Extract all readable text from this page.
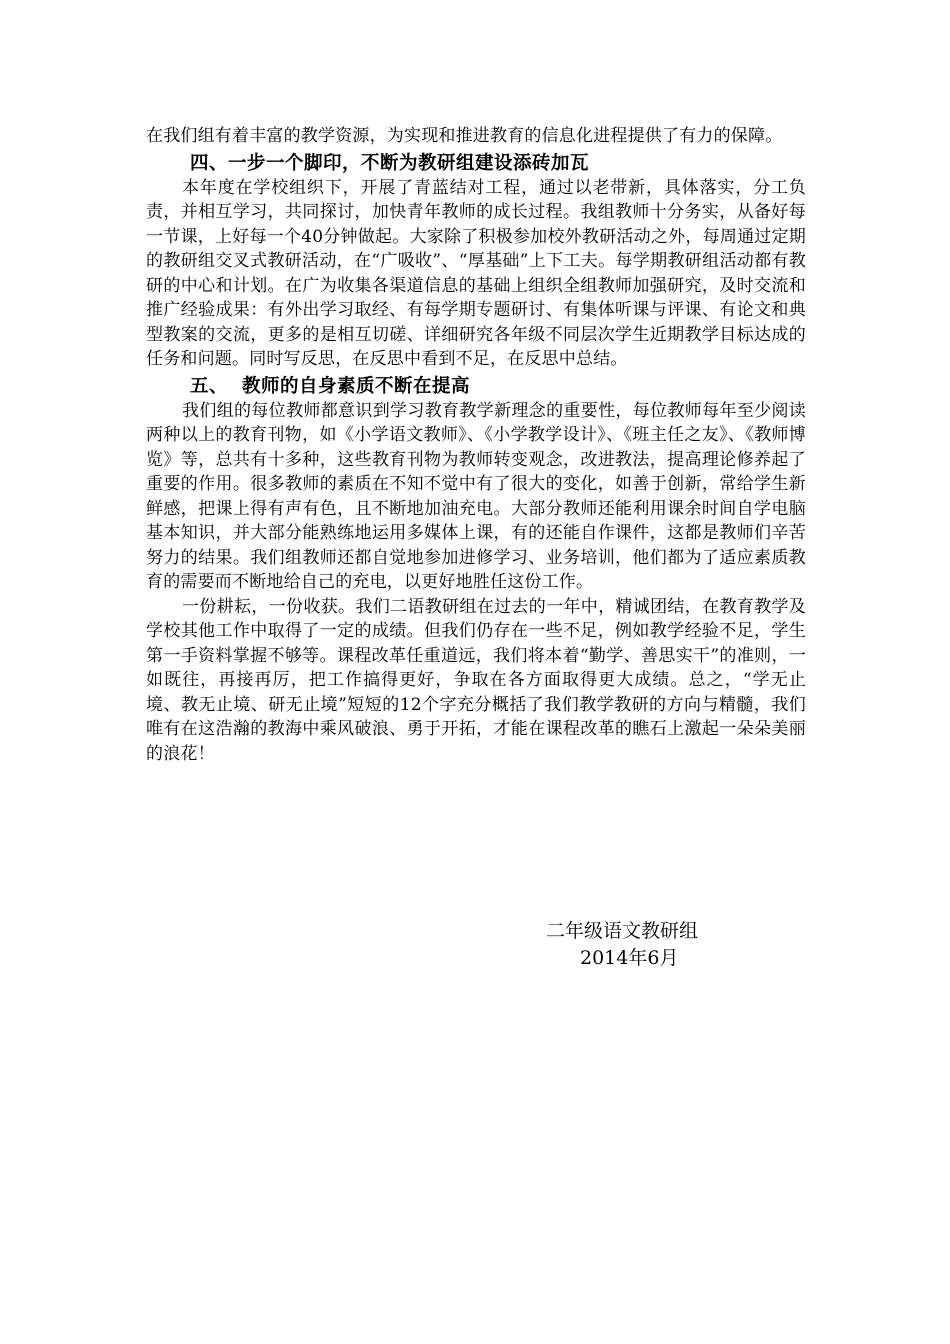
在我们组有着丰富的教学资源，为实现和推进教育的信息化进程提供了有力的保障。

四、一步一个脚印，不断为教研组建设添砖加瓦

本年度在学校组织下，开展了青蓝结对工程，通过以老带新，具体落实，分工负责，并相互学习，共同探讨，加快青年教师的成长过程。我组教师十分务实，从备好每一节课，上好每一个40分钟做起。大家除了积极参加校外教研活动之外，每周通过定期的教研组交叉式教研活动，在“广吸收”、“厚基础”上下工夫。每学期教研组活动都有教研的中心和计划。在广为收集各渠道信息的基础上组织全组教师加强研究，及时交流和推广经验成果：有外出学习取经、有每学期专题研讨、有集体听课与评课、有论文和典型教案的交流，更多的是相互切磋、详细研究各年级不同层次学生近期教学目标达成的任务和问题。同时写反思，在反思中看到不足，在反思中总结。

五、 教师的自身素质不断在提高

我们组的每位教师都意识到学习教育教学新理念的重要性，每位教师每年至少阅读两种以上的教育刊物，如《小学语文教师》、《小学教学设计》、《班主任之友》、《教师博览》等，总共有十多种，这些教育刊物为教师转变观念，改进教法，提高理论修养起了重要的作用。很多教师的素质在不知不觉中有了很大的变化，如善于创新，常给学生新鲜感，把课上得有声有色，且不断地加油充电。大部分教师还能利用课余时间自学电脑基本知识，并大部分能熟练地运用多媒体上课，有的还能自作课件，这都是教师们辛苦努力的结果。我们组教师还都自觉地参加进修学习、业务培训，他们都为了适应素质教育的需要而不断地给自己的充电，以更好地胜任这份工作。

一份耕耘，一份收获。我们二语教研组在过去的一年中，精诚团结，在教育教学及学校其他工作中取得了一定的成绩。但我们仍存在一些不足，例如教学经验不足，学生第一手资料掌握不够等。课程改革任重道远，我们将本着“勤学、善思实干”的准则，一如既往，再接再厉，把工作搞得更好，争取在各方面取得更大成绩。总之，“学无止境、教无止境、研无止境”短短的12个字充分概括了我们教学教研的方向与精髓，我们唯有在这浩瀚的教海中乘风破浪、勇于开拓，才能在课程改革的瞧石上激起一朵朵美丽的浪花！

二年级语文教研组
2014年6月
